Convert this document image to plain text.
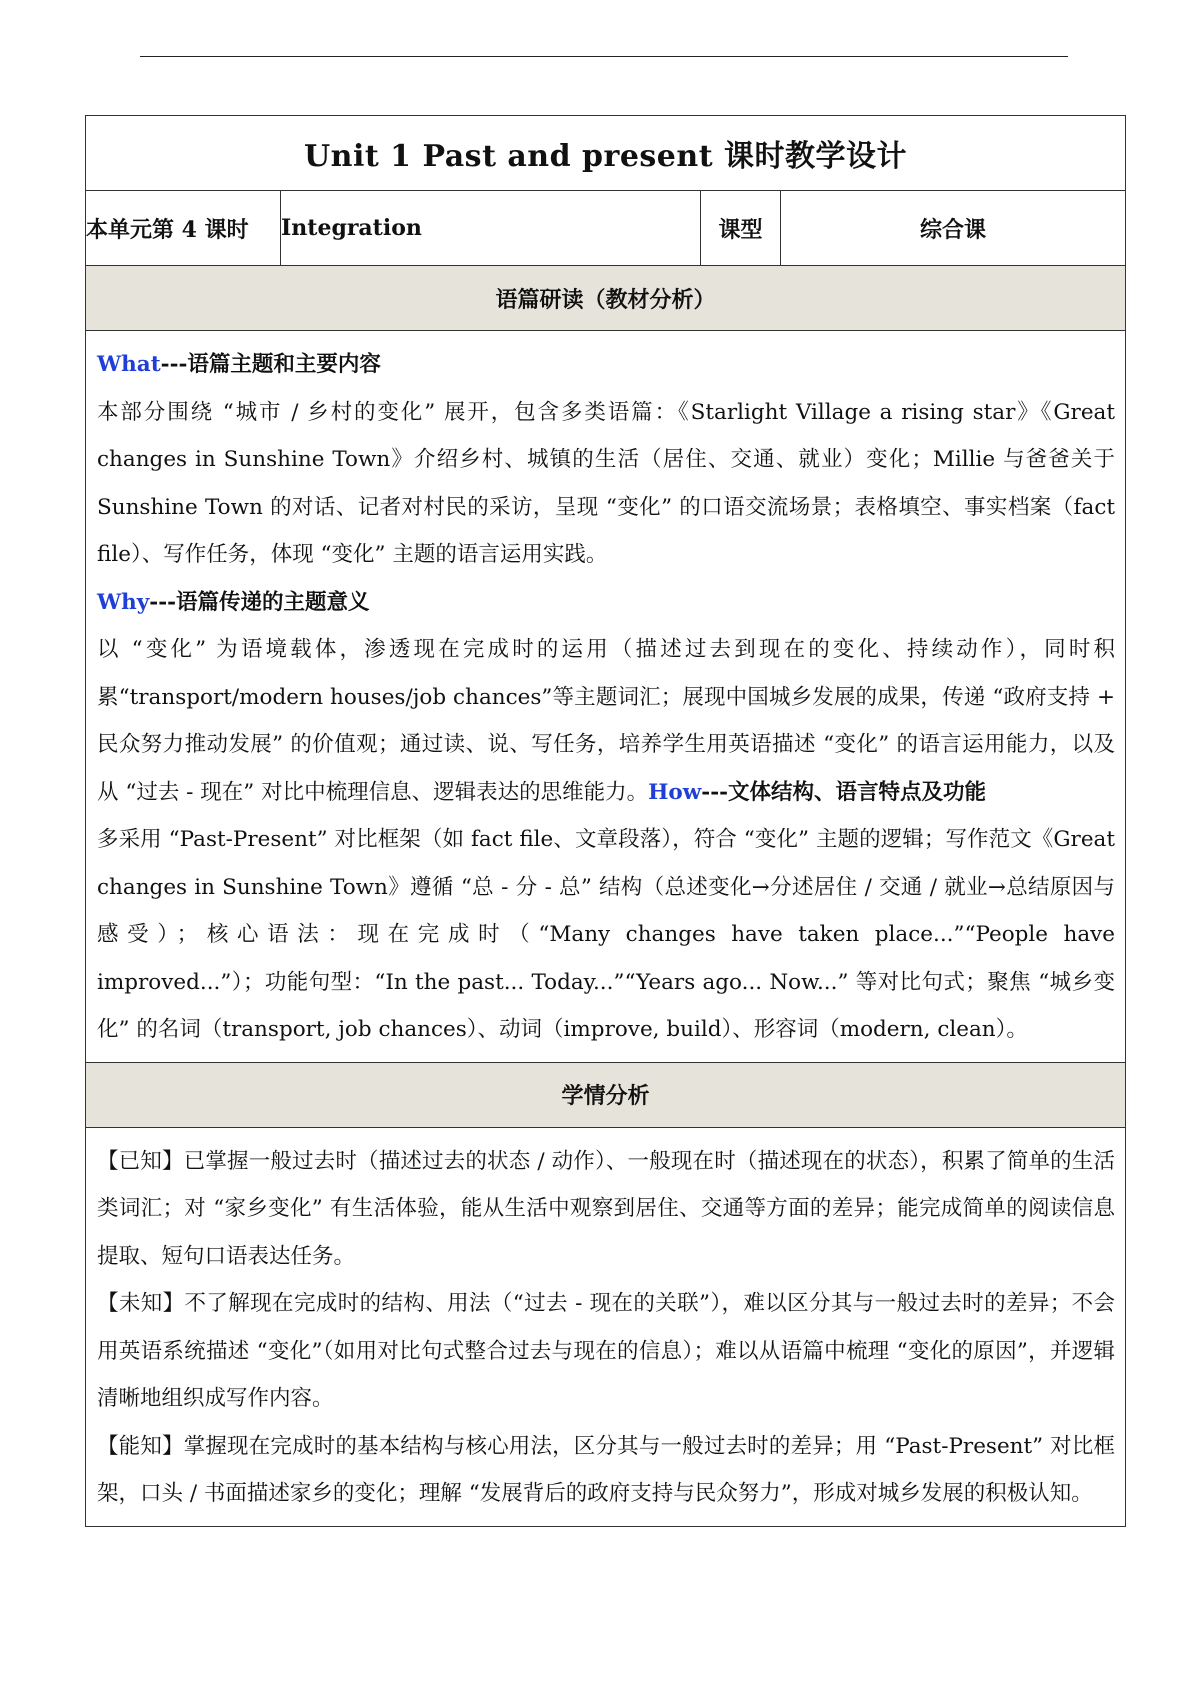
Unit 1 Past and present 课时教学设计
本单元第 4 课时	Integration	课型	综合课
语篇研读（教材分析）

What---语篇主题和主要内容

本部分围绕 “城市 / 乡村的变化” 展开，包含多类语篇：《Starlight Village a rising star》《Great changes in Sunshine Town》介绍乡村、城镇的生活（居住、交通、就业）变化；Millie 与爸爸关于 Sunshine Town 的对话、记者对村民的采访，呈现 “变化” 的口语交流场景；表格填空、事实档案（fact file）、写作任务，体现 “变化” 主题的语言运用实践。

Why---语篇传递的主题意义

以 “变化” 为语境载体，渗透现在完成时的运用（描述过去到现在的变化、持续动作），同时积累“transport/modern houses/job chances”等主题词汇；展现中国城乡发展的成果，传递 “政府支持 + 民众努力推动发展” 的价值观；通过读、说、写任务，培养学生用英语描述 “变化” 的语言运用能力，以及从 “过去 - 现在” 对比中梳理信息、逻辑表达的思维能力。How---文体结构、语言特点及功能

多采用 “Past-Present” 对比框架（如 fact file、文章段落），符合 “变化” 主题的逻辑；写作范文《Great changes in Sunshine Town》遵循 “总 - 分 - 总” 结构（总述变化→分述居住 / 交通 / 就业→总结原因与感受）；核心语法：现在完成时（“Many changes have taken place...”“People have improved...”）；功能句型：“In the past... Today...”“Years ago... Now...” 等对比句式；聚焦 “城乡变化” 的名词（transport, job chances）、动词（improve, build）、形容词（modern, clean）。

学情分析

【已知】已掌握一般过去时（描述过去的状态 / 动作）、一般现在时（描述现在的状态），积累了简单的生活类词汇；对 “家乡变化” 有生活体验，能从生活中观察到居住、交通等方面的差异；能完成简单的阅读信息提取、短句口语表达任务。

【未知】不了解现在完成时的结构、用法（“过去 - 现在的关联”），难以区分其与一般过去时的差异；不会用英语系统描述 “变化”（如用对比句式整合过去与现在的信息）；难以从语篇中梳理 “变化的原因”，并逻辑清晰地组织成写作内容。

【能知】掌握现在完成时的基本结构与核心用法，区分其与一般过去时的差异；用 “Past-Present” 对比框架，口头 / 书面描述家乡的变化；理解 “发展背后的政府支持与民众努力”，形成对城乡发展的积极认知。
